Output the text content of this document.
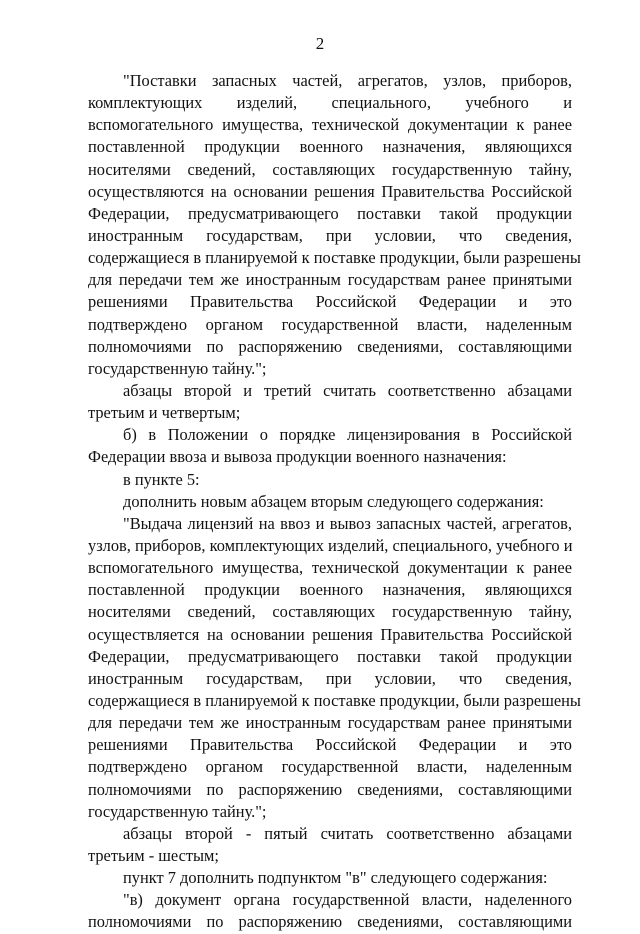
2
"Поставки запасных частей, агрегатов, узлов, приборов,
комплектующих изделий, специального, учебного и
вспомогательного имущества, технической документации к ранее
поставленной продукции военного назначения, являющихся
носителями сведений, составляющих государственную тайну,
осуществляются на основании решения Правительства Российской
Федерации, предусматривающего поставки такой продукции
иностранным государствам, при условии, что сведения,
содержащиеся в планируемой к поставке продукции, были разрешены
для передачи тем же иностранным государствам ранее принятыми
решениями Правительства Российской Федерации и это
подтверждено органом государственной власти, наделенным
полномочиями по распоряжению сведениями, составляющими
государственную тайну.";
абзацы второй и третий считать соответственно абзацами
третьим и четвертым;
б) в Положении о порядке лицензирования в Российской
Федерации ввоза и вывоза продукции военного назначения:
в пункте 5:
дополнить новым абзацем вторым следующего содержания:
"Выдача лицензий на ввоз и вывоз запасных частей, агрегатов,
узлов, приборов, комплектующих изделий, специального, учебного и
вспомогательного имущества, технической документации к ранее
поставленной продукции военного назначения, являющихся
носителями сведений, составляющих государственную тайну,
осуществляется на основании решения Правительства Российской
Федерации, предусматривающего поставки такой продукции
иностранным государствам, при условии, что сведения,
содержащиеся в планируемой к поставке продукции, были разрешены
для передачи тем же иностранным государствам ранее принятыми
решениями Правительства Российской Федерации и это
подтверждено органом государственной власти, наделенным
полномочиями по распоряжению сведениями, составляющими
государственную тайну.";
абзацы второй - пятый считать соответственно абзацами
третьим - шестым;
пункт 7 дополнить подпунктом "в" следующего содержания:
"в) документ органа государственной власти, наделенного
полномочиями по распоряжению сведениями, составляющими
